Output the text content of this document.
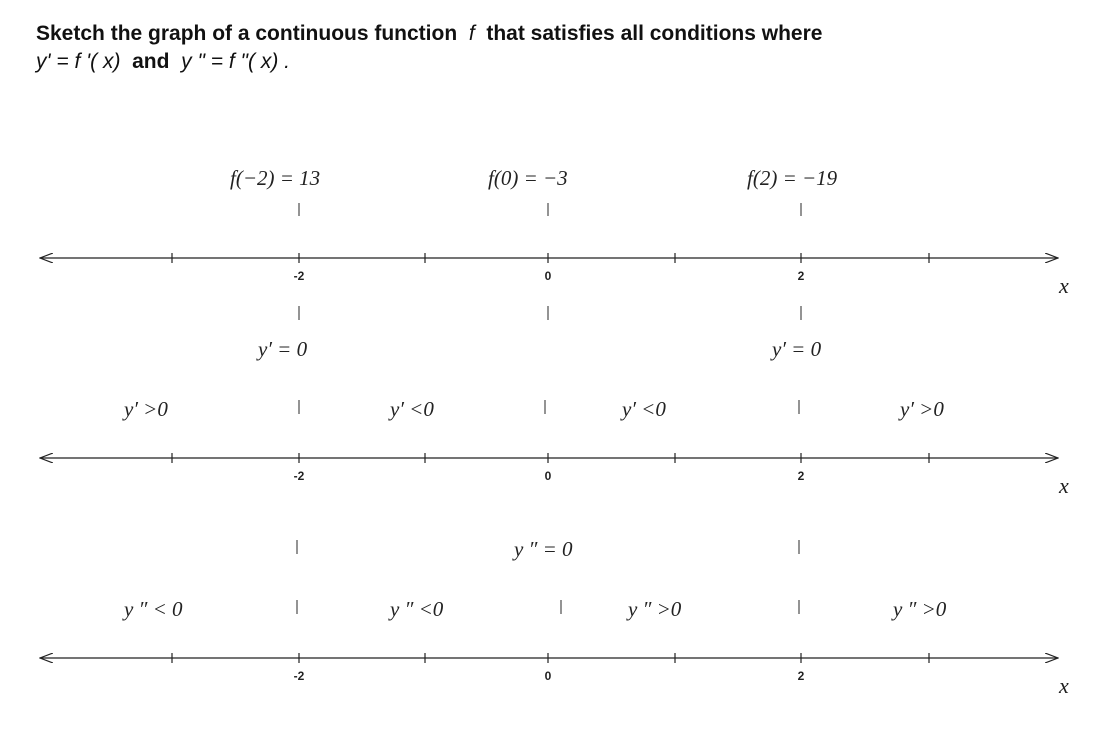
Sketch the graph of a continuous function f that satisfies all conditions where
y' = f '( x) and y " = f "( x) .
f(−2) = 13	f(0) = −3	f(2) = −19
-2	0	2	x
y′ = 0	y′ = 0
y′ >0	y′ <0	y′ <0	y′ >0
-2	0	2	x
y ″ = 0
y ″ < 0	y ″ <0	y ″ >0	y ″ >0
-2	0	2	x
